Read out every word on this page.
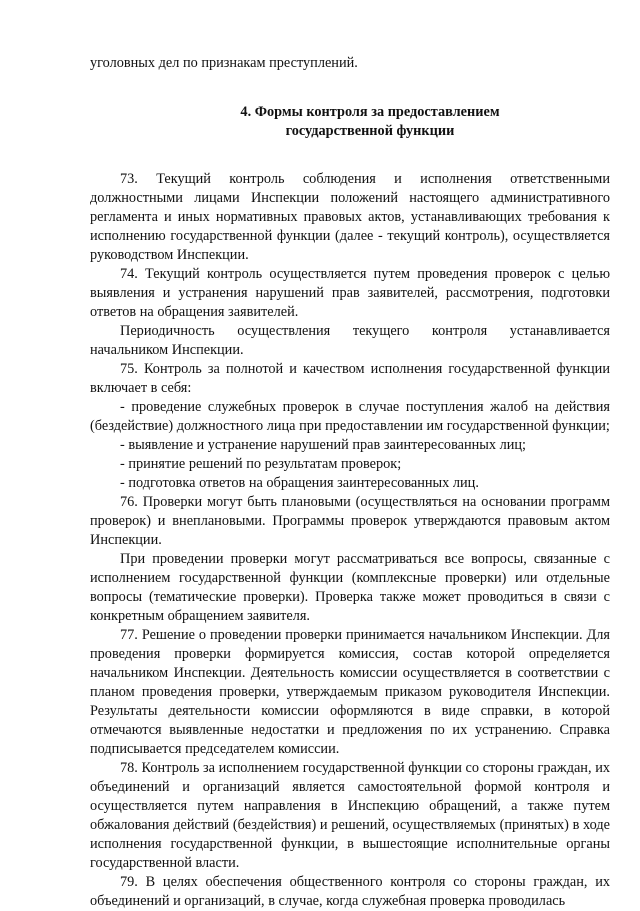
уголовных дел по признакам преступлений.

4. Формы контроля за предоставлением
государственной функции

73. Текущий контроль соблюдения и исполнения ответственными должностными лицами Инспекции положений настоящего административного регламента и иных нормативных правовых актов, устанавливающих требования к исполнению государственной функции (далее - текущий контроль), осуществляется руководством Инспекции.

74. Текущий контроль осуществляется путем проведения проверок с целью выявления и устранения нарушений прав заявителей, рассмотрения, подготовки ответов на обращения заявителей.

Периодичность осуществления текущего контроля устанавливается начальником Инспекции.

75. Контроль за полнотой и качеством исполнения государственной функции включает в себя:

- проведение служебных проверок в случае поступления жалоб на действия (бездействие) должностного лица при предоставлении им государственной функции;

- выявление и устранение нарушений прав заинтересованных лиц;

- принятие решений по результатам проверок;

- подготовка ответов на обращения заинтересованных лиц.

76. Проверки могут быть плановыми (осуществляться на основании программ проверок) и внеплановыми. Программы проверок утверждаются правовым актом Инспекции.

При проведении проверки могут рассматриваться все вопросы, связанные с исполнением государственной функции (комплексные проверки) или отдельные вопросы (тематические проверки). Проверка также может проводиться в связи с конкретным обращением заявителя.

77. Решение о проведении проверки принимается начальником Инспекции. Для проведения проверки формируется комиссия, состав которой определяется начальником Инспекции. Деятельность комиссии осуществляется в соответствии с планом проведения проверки, утверждаемым приказом руководителя Инспекции. Результаты деятельности комиссии оформляются в виде справки, в которой отмечаются выявленные недостатки и предложения по их устранению. Справка подписывается председателем комиссии.

78. Контроль за исполнением государственной функции со стороны граждан, их объединений и организаций является самостоятельной формой контроля и осуществляется путем направления в Инспекцию обращений, а также путем обжалования действий (бездействия) и решений, осуществляемых (принятых) в ходе исполнения государственной функции, в вышестоящие исполнительные органы государственной власти.

79. В целях обеспечения общественного контроля со стороны граждан, их объединений и организаций, в случае, когда служебная проверка проводилась
